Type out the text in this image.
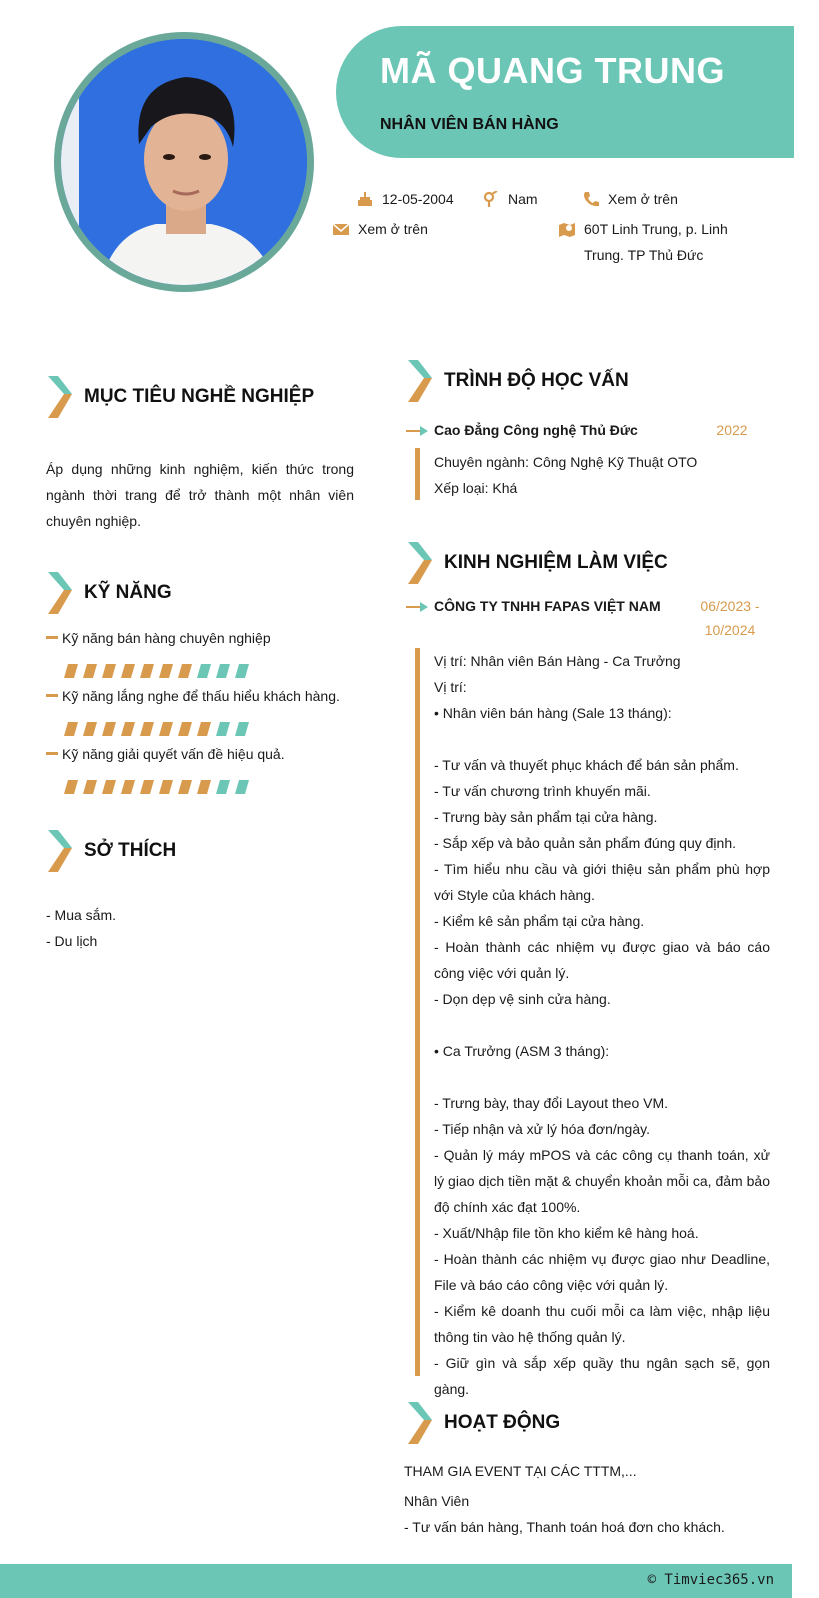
MÃ QUANG TRUNG
NHÂN VIÊN BÁN HÀNG
12-05-2004	Nam	Xem ở trên
Xem ở trên	60T Linh Trung, p. Linh
Trung. TP Thủ Đức
MỤC TIÊU NGHỀ NGHIỆP
Áp dụng những kinh nghiệm, kiến thức trong ngành thời trang để trở thành một nhân viên chuyên nghiệp.
KỸ NĂNG
Kỹ năng bán hàng chuyên nghiệp
Kỹ năng lắng nghe để thấu hiểu khách hàng.
Kỹ năng giải quyết vấn đề hiệu quả.
SỞ THÍCH
- Mua sắm.
- Du lịch
TRÌNH ĐỘ HỌC VẤN
Cao Đẳng Công nghệ Thủ Đức	2022
Chuyên ngành: Công Nghệ Kỹ Thuật OTO
Xếp loại: Khá
KINH NGHIỆM LÀM VIỆC
CÔNG TY TNHH FAPAS VIỆT NAM	06/2023 -
10/2024
Vị trí: Nhân viên Bán Hàng - Ca Trưởng
Vị trí:
• Nhân viên bán hàng (Sale 13 tháng):
- Tư vấn và thuyết phục khách để bán sản phẩm.
- Tư vấn chương trình khuyến mãi.
- Trưng bày sản phẩm tại cửa hàng.
- Sắp xếp và bảo quản sản phẩm đúng quy định.
- Tìm hiểu nhu cầu và giới thiệu sản phẩm phù hợp với Style của khách hàng.
- Kiểm kê sản phẩm tại cửa hàng.
- Hoàn thành các nhiệm vụ được giao và báo cáo công việc với quản lý.
- Dọn dẹp vệ sinh cửa hàng.
• Ca Trưởng (ASM 3 tháng):
- Trưng bày, thay đổi Layout theo VM.
- Tiếp nhận và xử lý hóa đơn/ngày.
- Quản lý máy mPOS và các công cụ thanh toán, xử lý giao dịch tiền mặt & chuyển khoản mỗi ca, đảm bảo độ chính xác đạt 100%.
- Xuất/Nhập file tồn kho kiểm kê hàng hoá.
- Hoàn thành các nhiệm vụ được giao như Deadline, File và báo cáo công việc với quản lý.
- Kiểm kê doanh thu cuối mỗi ca làm việc, nhập liệu thông tin vào hệ thống quản lý.
- Giữ gìn và sắp xếp quầy thu ngân sạch sẽ, gọn gàng.
HOẠT ĐỘNG
THAM GIA EVENT TẠI CÁC TTTM,...
Nhân Viên
- Tư vấn bán hàng, Thanh toán hoá đơn cho khách.
© Timviec365.vn
